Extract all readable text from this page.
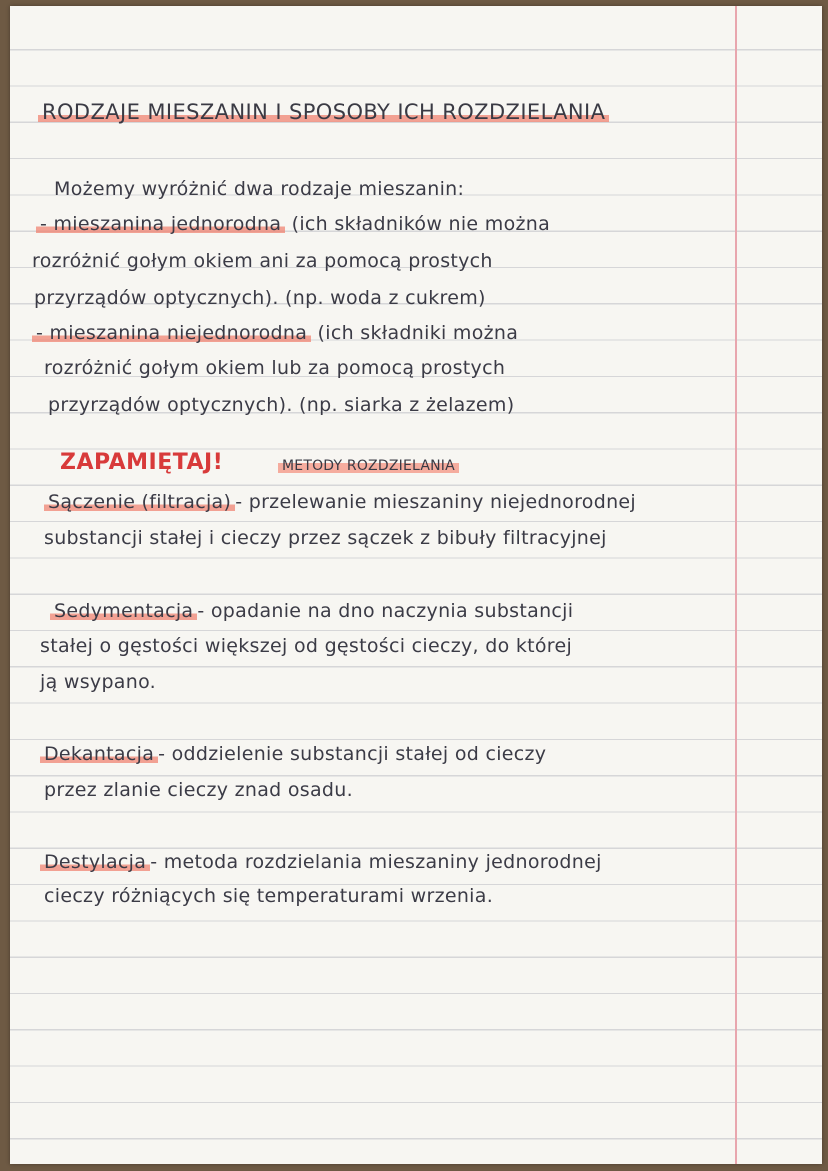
RODZAJE MIESZANIN I SPOSOBY ICH ROZDZIELANIA
Możemy wyróżnić dwa rodzaje mieszanin:
- mieszanina jednorodna (ich składników nie można
rozróżnić gołym okiem ani za pomocą prostych
przyrządów optycznych). (np. woda z cukrem)
- mieszanina niejednorodna (ich składniki można
rozróżnić gołym okiem lub za pomocą prostych
przyrządów optycznych). (np. siarka z żelazem)
ZAPAMIĘTAJ!	METODY ROZDZIELANIA
Sączenie (filtracja) - przelewanie mieszaniny niejednorodnej
substancji stałej i cieczy przez sączek z bibuły filtracyjnej
Sedymentacja - opadanie na dno naczynia substancji
stałej o gęstości większej od gęstości cieczy, do której
ją wsypano.
Dekantacja - oddzielenie substancji stałej od cieczy
przez zlanie cieczy znad osadu.
Destylacja - metoda rozdzielania mieszaniny jednorodnej
cieczy różniących się temperaturami wrzenia.
